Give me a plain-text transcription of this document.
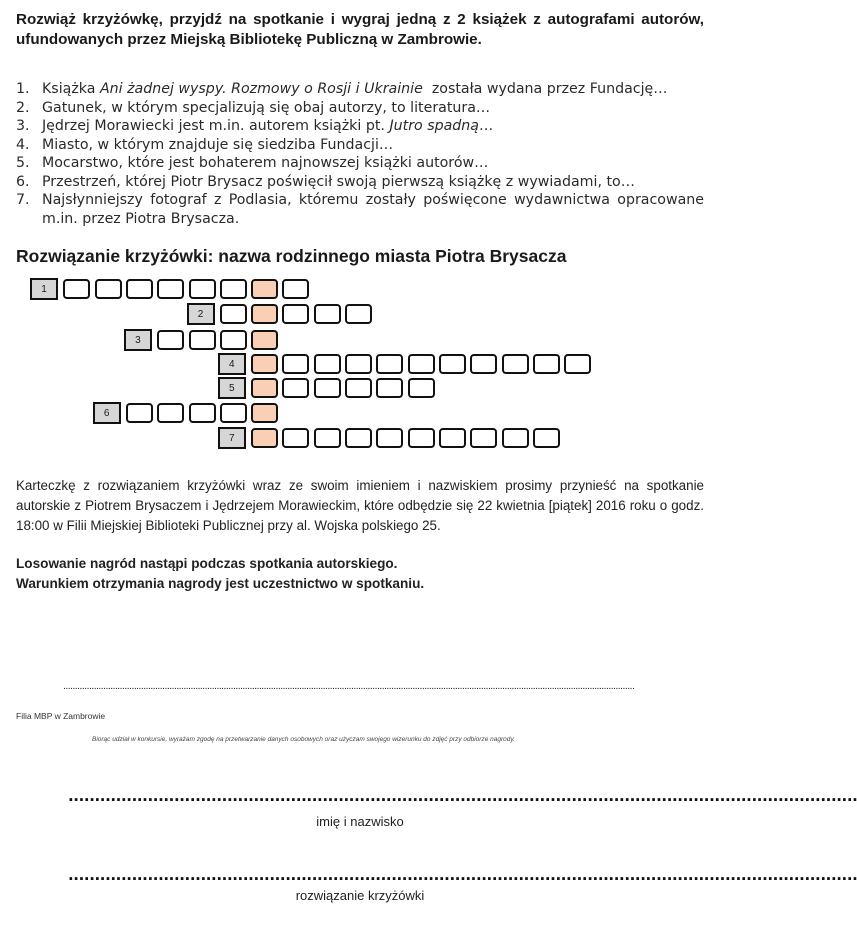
Rozwiąż krzyżówkę, przyjdź na spotkanie i wygraj jedną z 2 książek z autografami autorów, ufundowanych przez Miejską Bibliotekę Publiczną w Zambrowie.
1. Książka Ani żadnej wyspy. Rozmowy o Rosji i Ukrainie  została wydana przez Fundację…
2. Gatunek, w którym specjalizują się obaj autorzy, to literatura…
3. Jędrzej Morawiecki jest m.in. autorem książki pt. Jutro spadną…
4. Miasto, w którym znajduje się siedziba Fundacji…
5. Mocarstwo, które jest bohaterem najnowszej książki autorów…
6. Przestrzeń, której Piotr Brysacz poświęcił swoją pierwszą książkę z wywiadami, to…
7. Najsłynniejszy fotograf z Podlasia, któremu zostały poświęcone wydawnictwa opracowane m.in. przez Piotra Brysacza.
Rozwiązanie krzyżówki: nazwa rodzinnego miasta Piotra Brysacza
1
2
3
4
5
6
7
Karteczkę z rozwiązaniem krzyżówki wraz ze swoim imieniem i nazwiskiem prosimy przynieść na spotkanie autorskie z Piotrem Brysaczem i Jędrzejem Morawieckim, które odbędzie się 22 kwietnia [piątek] 2016 roku o godz. 18:00 w Filii Miejskiej Biblioteki Publicznej przy al. Wojska polskiego 25.
Losowanie nagród nastąpi podczas spotkania autorskiego.
Warunkiem otrzymania nagrody jest uczestnictwo w spotkaniu.
..................................................................................................................................................................................................................................................
Filia MBP w Zambrowie
Biorąc udział w konkursie, wyrażam zgodę na przetwarzanie danych osobowych oraz użyczam swojego wizerunku do zdjęć przy odbiorze nagrody.
.....................................................................................................................................................
imię i nazwisko
.....................................................................................................................................................
rozwiązanie krzyżówki
